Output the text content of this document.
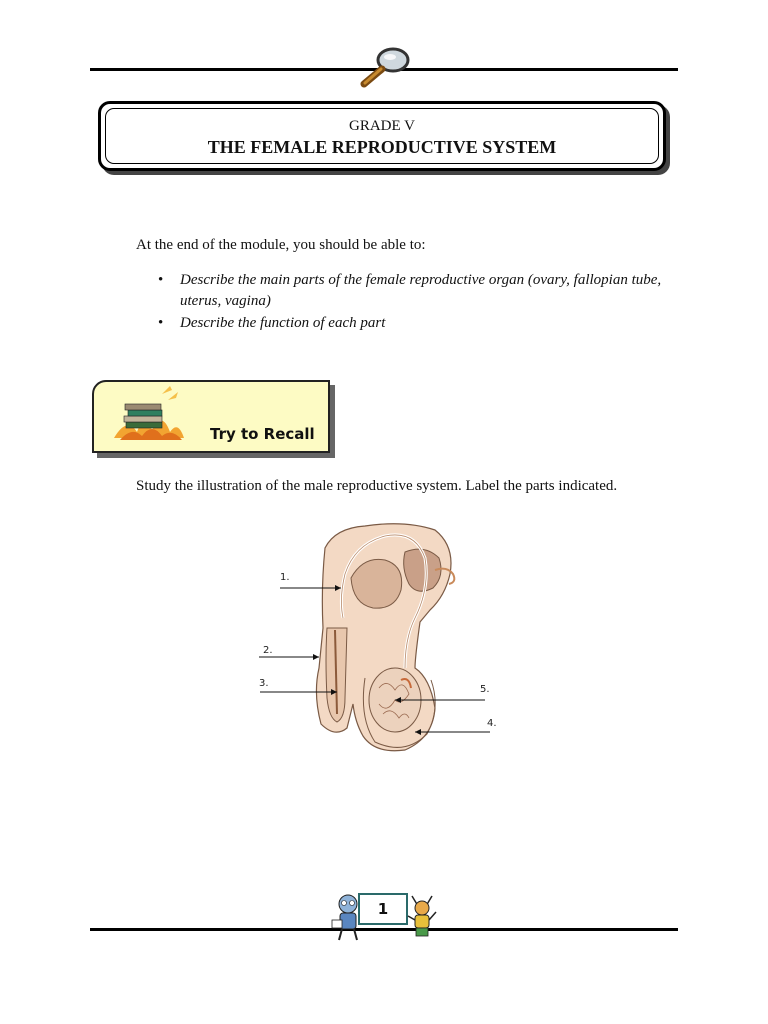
GRADE V
THE FEMALE REPRODUCTIVE SYSTEM
At the end of the module, you should be able to:
• Describe the main parts of the female reproductive organ (ovary, fallopian tube, uterus, vagina)
• Describe the function of each part
Try to Recall
Study the illustration of the male reproductive system. Label the parts indicated.
1.
2.
3.
5.
4.
1
